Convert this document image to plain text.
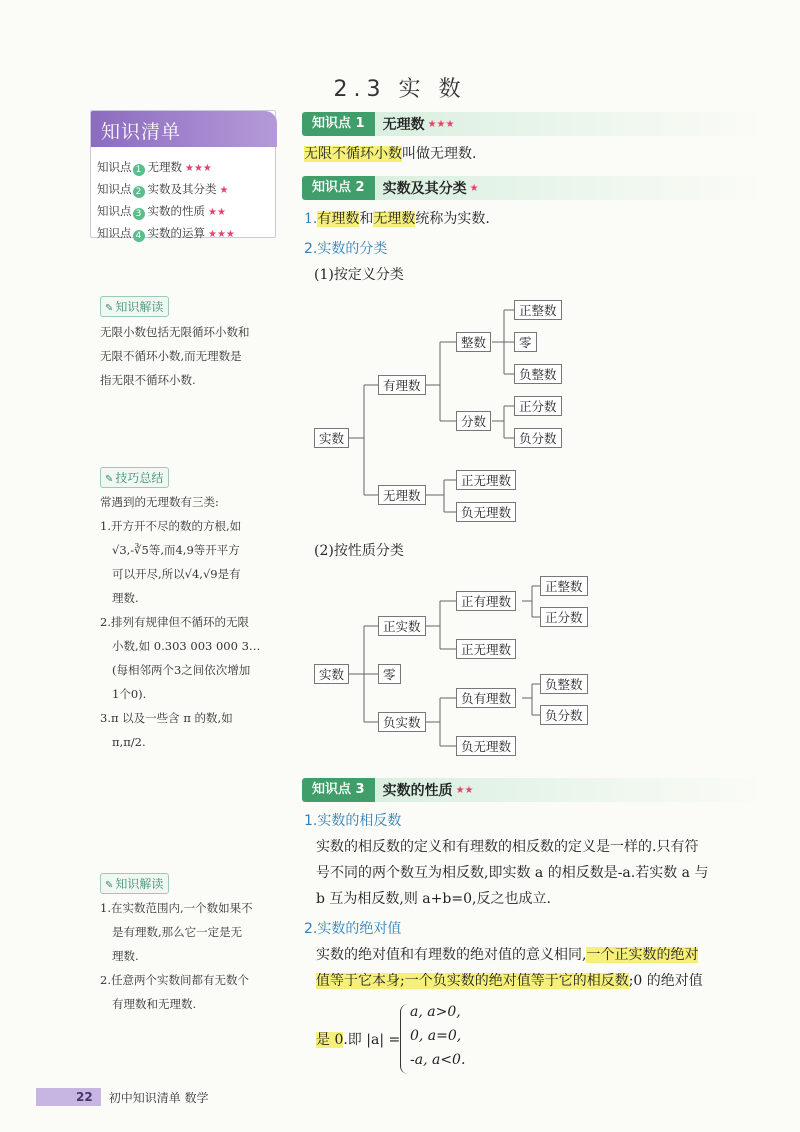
2.3 实 数
知识清单
知识点 1 无理数 ★★★
知识点 2 实数及其分类 ★
知识点 3 实数的性质 ★★
知识点 4 实数的运算 ★★★
✎ 知识解读
无限小数包括无限循环小数和
无限不循环小数,而无理数是
指无限不循环小数.
✎ 技巧总结
常遇到的无理数有三类:
1.开方开不尽的数的方根,如
√3,-∛5等,而4,9等开平方
可以开尽,所以√4,√9是有
理数.
2.排列有规律但不循环的无限
小数,如 0.303 003 000 3…
(每相邻两个3之间依次增加
1个0).
3.π 以及一些含 π 的数,如
π,π/2.
✎ 知识解读
1.在实数范围内,一个数如果不
是有理数,那么它一定是无
理数.
2.任意两个实数间都有无数个
有理数和无理数.
知识点 1	无理数 ★★★
无限不循环小数叫做无理数.
知识点 2	实数及其分类 ★
1.有理数和无理数统称为实数.
2.实数的分类
(1)按定义分类
实数
有理数
无理数
整数
分数
正整数
零
负整数
正分数
负分数
正无理数
负无理数
(2)按性质分类
实数
正实数
零
负实数
正有理数
正无理数
正整数
正分数
负有理数
负无理数
负整数
负分数
知识点 3	实数的性质 ★★
1.实数的相反数
实数的相反数的定义和有理数的相反数的定义是一样的.只有符
号不同的两个数互为相反数,即实数 a 的相反数是-a.若实数 a 与
b 互为相反数,则 a+b=0,反之也成立.
2.实数的绝对值
实数的绝对值和有理数的绝对值的意义相同,一个正实数的绝对
值等于它本身;一个负实数的绝对值等于它的相反数;0 的绝对值
是 0.即 |a| =
a, a>0,
0, a=0,
-a, a<0.
22	初中知识清单 数学
